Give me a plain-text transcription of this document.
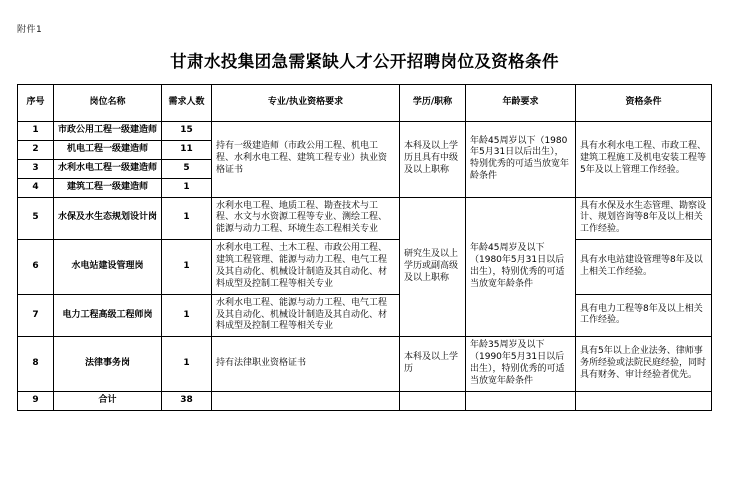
附件1
甘肃水投集团急需紧缺人才公开招聘岗位及资格条件
序号	岗位名称	需求人数	专业/执业资格要求	学历/职称	年龄要求	资格条件
1	市政公用工程一级建造师	15	持有一级建造师（市政公用工程、机电工程、水利水电工程、建筑工程专业）执业资格证书	本科及以上学历且具有中级及以上职称	年龄45周岁以下（1980年5月31日以后出生），特别优秀的可适当放宽年龄条件	具有水利水电工程、市政工程、建筑工程施工及机电安装工程等5年及以上管理工作经验。
2	机电工程一级建造师	11				
3	水利水电工程一级建造师	5				
4	建筑工程一级建造师	1				
5	水保及水生态规划设计岗	1	水利水电工程、地质工程、勘查技术与工程、水文与水资源工程等专业、测绘工程、能源与动力工程、环境生态工程相关专业	研究生及以上学历或副高级及以上职称	年龄45周岁及以下（1980年5月31日以后出生），特别优秀的可适当放宽年龄条件	具有水保及水生态管理、勘察设计、规划咨询等8年及以上相关工作经验。
6	水电站建设管理岗	1	水利水电工程、土木工程、市政公用工程、建筑工程管理、能源与动力工程、电气工程及其自动化、机械设计制造及其自动化、材料成型及控制工程等相关专业			具有水电站建设管理等8年及以上相关工作经验。
7	电力工程高级工程师岗	1	水利水电工程、能源与动力工程、电气工程及其自动化、机械设计制造及其自动化、材料成型及控制工程等相关专业			具有电力工程等8年及以上相关工作经验。
8	法律事务岗	1	持有法律职业资格证书	本科及以上学历	年龄35周岁及以下（1990年5月31日以后出生），特别优秀的可适当放宽年龄条件	具有5年以上企业法务、律师事务所经验或法院民庭经验，同时具有财务、审计经验者优先。
9	合计	38				
